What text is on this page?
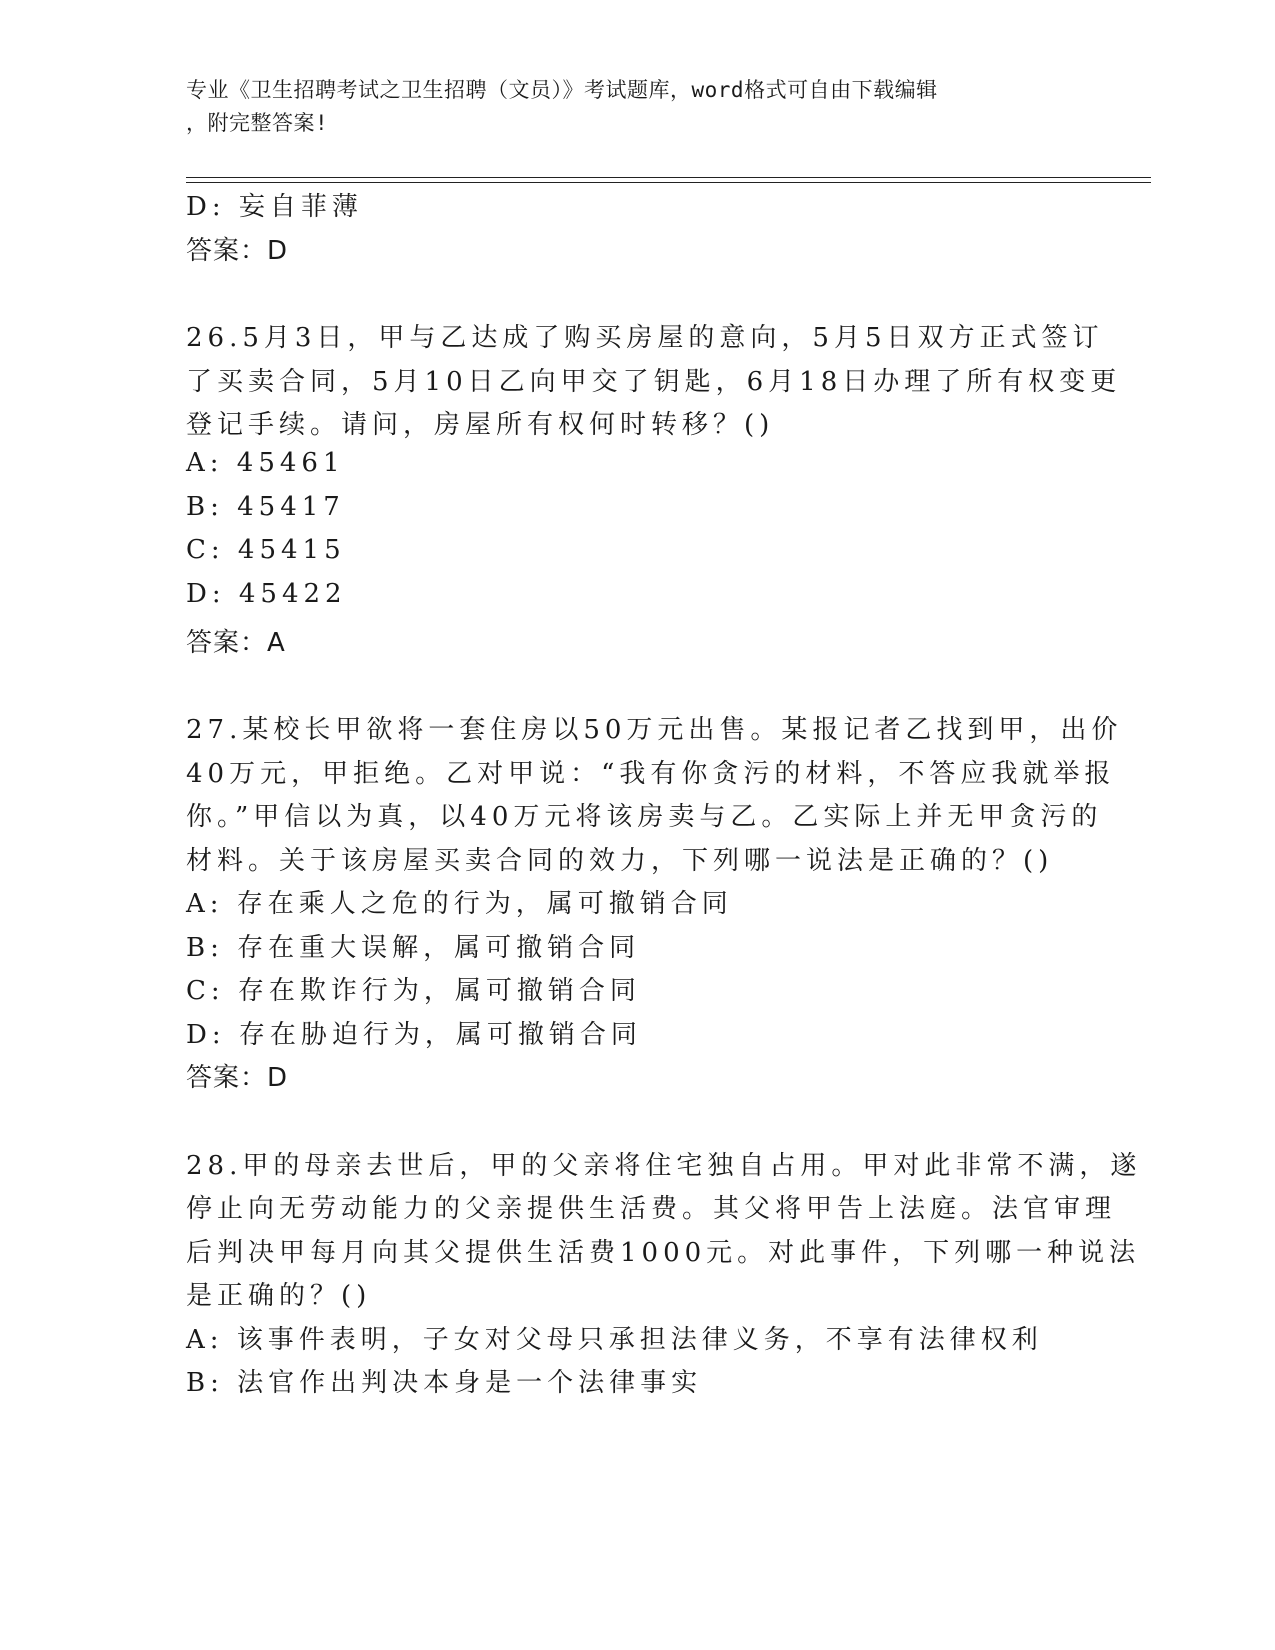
专业《卫生招聘考试之卫生招聘（文员）》考试题库，word格式可自由下载编辑
，附完整答案!
D: 妄自菲薄
答案：D
26.5月3日，甲与乙达成了购买房屋的意向，5月5日双方正式签订
了买卖合同，5月10日乙向甲交了钥匙，6月18日办理了所有权变更
登记手续。请问，房屋所有权何时转移？()
A: 45461
B: 45417
C: 45415
D: 45422
答案：A
27.某校长甲欲将一套住房以50万元出售。某报记者乙找到甲，出价
40万元，甲拒绝。乙对甲说：“我有你贪污的材料，不答应我就举报
你。”甲信以为真，以40万元将该房卖与乙。乙实际上并无甲贪污的
材料。关于该房屋买卖合同的效力，下列哪一说法是正确的？()
A: 存在乘人之危的行为，属可撤销合同
B: 存在重大误解，属可撤销合同
C: 存在欺诈行为，属可撤销合同
D: 存在胁迫行为，属可撤销合同
答案：D
28.甲的母亲去世后，甲的父亲将住宅独自占用。甲对此非常不满，遂
停止向无劳动能力的父亲提供生活费。其父将甲告上法庭。法官审理
后判决甲每月向其父提供生活费1000元。对此事件，下列哪一种说法
是正确的？()
A: 该事件表明，子女对父母只承担法律义务，不享有法律权利
B: 法官作出判决本身是一个法律事实
